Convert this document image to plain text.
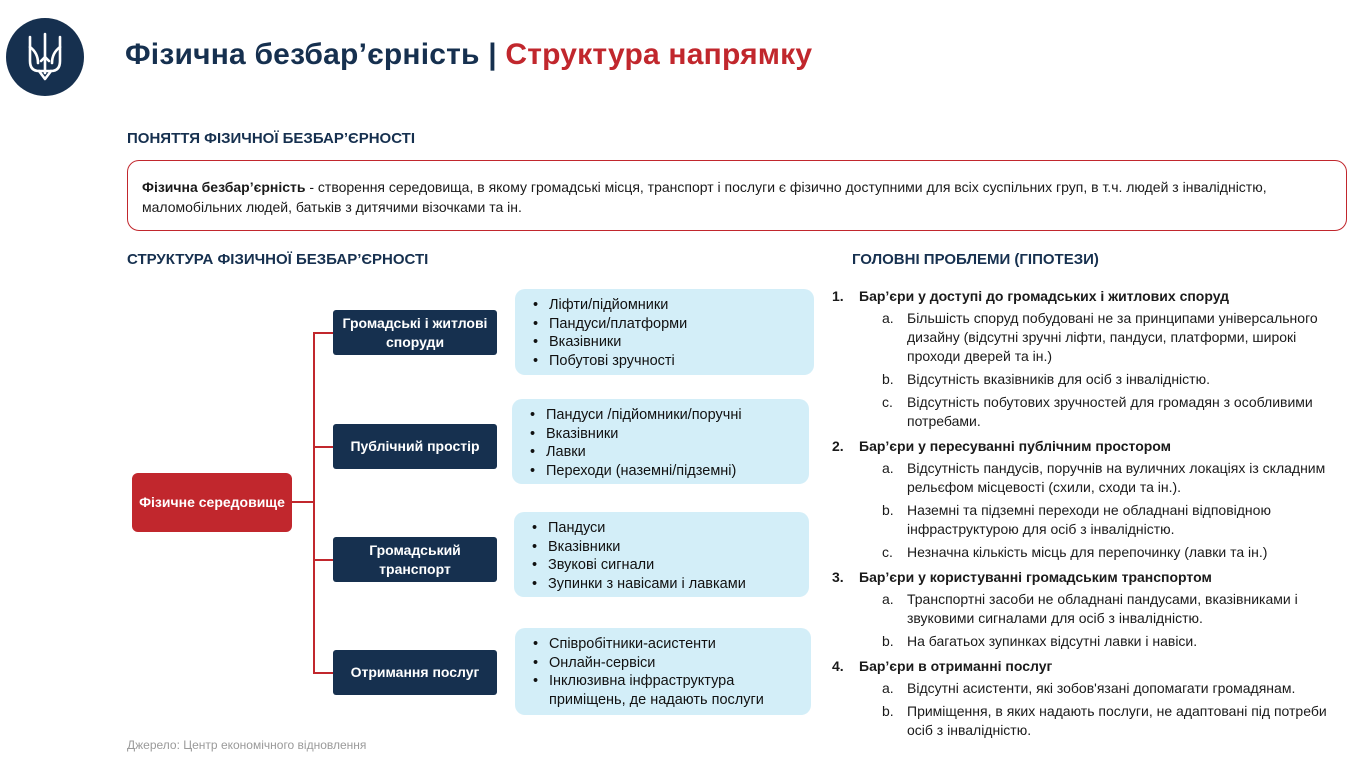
Фізична безбар’єрність | Структура напрямку
ПОНЯТТЯ ФІЗИЧНОЇ БЕЗБАР’ЄРНОСТІ
Фізична безбар’єрність - створення середовища, в якому громадські місця, транспорт і послуги є фізично доступними для всіх суспільних груп, в т.ч. людей з інвалідністю, маломобільних людей, батьків з дитячими візочками та ін.
СТРУКТУРА ФІЗИЧНОЇ БЕЗБАР’ЄРНОСТІ
Фізичне середовище
Громадські і житлові споруди
Публічний простір
Громадський транспорт
Отримання послуг
• Ліфти/підйомники
• Пандуси/платформи
• Вказівники
• Побутові зручності
• Пандуси /підйомники/поручні
• Вказівники
• Лавки
• Переходи (наземні/підземні)
• Пандуси
• Вказівники
• Звукові сигнали
• Зупинки з навісами і лавками
• Співробітники-асистенти
• Онлайн-сервіси
• Інклюзивна інфраструктура приміщень, де надають послуги
ГОЛОВНІ ПРОБЛЕМИ (ГІПОТЕЗИ)
1. Бар’єри у доступі до громадських і житлових споруд
a. Більшість споруд побудовані не за принципами універсального дизайну (відсутні зручні ліфти, пандуси, платформи, широкі проходи дверей та ін.)
b. Відсутність вказівників для осіб з інвалідністю.
c. Відсутність побутових зручностей для громадян з особливими потребами.
2. Бар’єри у пересуванні публічним простором
a. Відсутність пандусів, поручнів на вуличних локаціях із складним рельєфом місцевості (схили, сходи та ін.).
b. Наземні та підземні переходи не обладнані відповідною інфраструктурою для осіб з інвалідністю.
c. Незначна кількість місць для перепочинку (лавки та ін.)
3. Бар’єри у користуванні громадським транспортом
a. Транспортні засоби не обладнані пандусами, вказівниками і звуковими сигналами для осіб з інвалідністю.
b. На багатьох зупинках відсутні лавки і навіси.
4. Бар’єри в отриманні послуг
a. Відсутні асистенти, які зобов'язані допомагати громадянам.
b. Приміщення, в яких надають послуги, не адаптовані під потреби осіб з інвалідністю.
Джерело: Центр економічного відновлення
